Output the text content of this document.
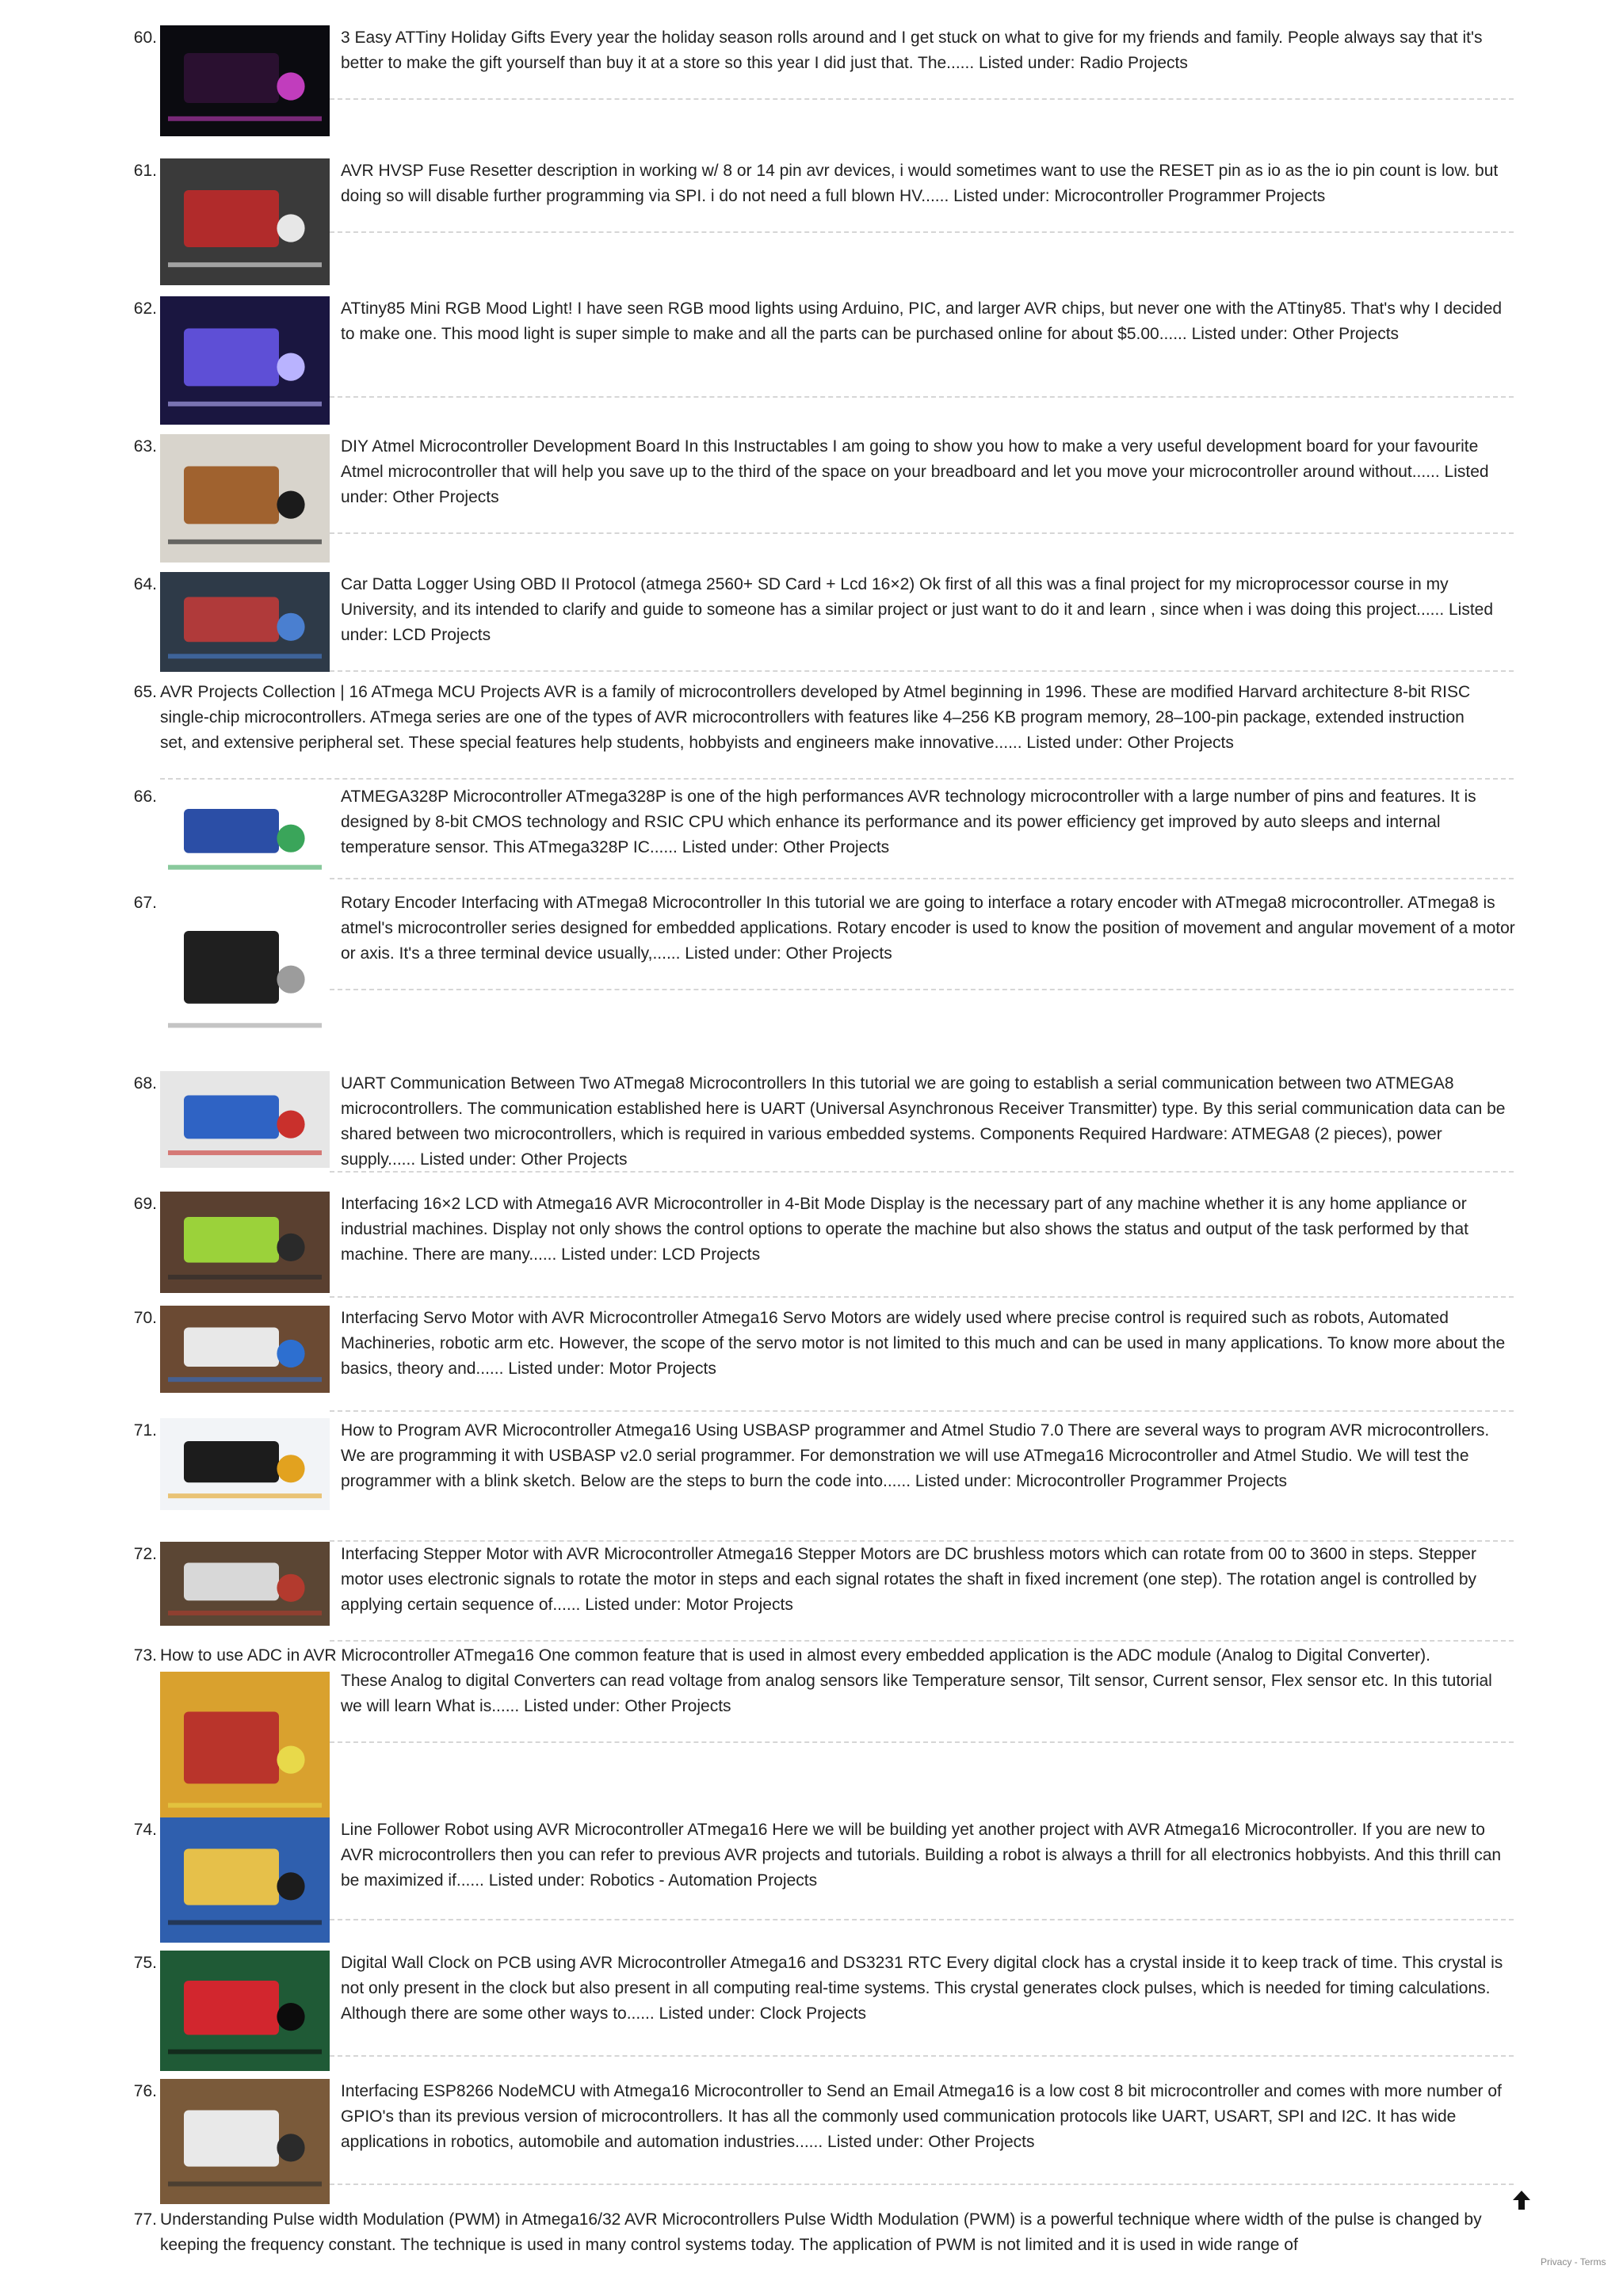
60.	3 Easy ATTiny Holiday Gifts Every year the holiday season rolls around and I get stuck on what to give for my friends and family. People always say that it's better to make the gift yourself than buy it at a store so this year I did just that. The...... Listed under: Radio Projects

61.	AVR HVSP Fuse Resetter description in working w/ 8 or 14 pin avr devices, i would sometimes want to use the RESET pin as io as the io pin count is low. but doing so will disable further programming via SPI. i do not need a full blown HV...... Listed under: Microcontroller Programmer Projects

62.	ATtiny85 Mini RGB Mood Light! I have seen RGB mood lights using Arduino, PIC, and larger AVR chips, but never one with the ATtiny85. That's why I decided to make one. This mood light is super simple to make and all the parts can be purchased online for about $5.00...... Listed under: Other Projects

63.	DIY Atmel Microcontroller Development Board In this Instructables I am going to show you how to make a very useful development board for your favourite Atmel microcontroller that will help you save up to the third of the space on your breadboard and let you move your microcontroller around without...... Listed under: Other Projects

64.	Car Datta Logger Using OBD II Protocol (atmega 2560+ SD Card + Lcd 16×2) Ok first of all this was a final project for my microprocessor course in my University, and its intended to clarify and guide to someone has a similar project or just want to do it and learn , since when i was doing this project...... Listed under: LCD Projects

65. AVR Projects Collection | 16 ATmega MCU Projects AVR is a family of microcontrollers developed by Atmel beginning in 1996. These are modified Harvard architecture 8-bit RISC single-chip microcontrollers. ATmega series are one of the types of AVR microcontrollers with features like 4–256 KB program memory, 28–100-pin package, extended instruction set, and extensive peripheral set. These special features help students, hobbyists and engineers make innovative...... Listed under: Other Projects

66.	ATMEGA328P Microcontroller ATmega328P is one of the high performances AVR technology microcontroller with a large number of pins and features. It is designed by 8-bit CMOS technology and RSIC CPU which enhance its performance and its power efficiency get improved by auto sleeps and internal temperature sensor. This ATmega328P IC...... Listed under: Other Projects

67.	Rotary Encoder Interfacing with ATmega8 Microcontroller In this tutorial we are going to interface a rotary encoder with ATmega8 microcontroller. ATmega8 is atmel's microcontroller series designed for embedded applications. Rotary encoder is used to know the position of movement and angular movement of a motor or axis. It's a three terminal device usually,...... Listed under: Other Projects

68.	UART Communication Between Two ATmega8 Microcontrollers In this tutorial we are going to establish a serial communication between two ATMEGA8 microcontrollers. The communication established here is UART (Universal Asynchronous Receiver Transmitter) type. By this serial communication data can be shared between two microcontrollers, which is required in various embedded systems. Components Required Hardware: ATMEGA8 (2 pieces), power supply...... Listed under: Other Projects

69.	Interfacing 16×2 LCD with Atmega16 AVR Microcontroller in 4-Bit Mode Display is the necessary part of any machine whether it is any home appliance or industrial machines. Display not only shows the control options to operate the machine but also shows the status and output of the task performed by that machine. There are many...... Listed under: LCD Projects

70.	Interfacing Servo Motor with AVR Microcontroller Atmega16 Servo Motors are widely used where precise control is required such as robots, Automated Machineries, robotic arm etc. However, the scope of the servo motor is not limited to this much and can be used in many applications. To know more about the basics, theory and...... Listed under: Motor Projects

71.	How to Program AVR Microcontroller Atmega16 Using USBASP programmer and Atmel Studio 7.0 There are several ways to program AVR microcontrollers. We are programming it with USBASP v2.0 serial programmer. For demonstration we will use ATmega16 Microcontroller and Atmel Studio. We will test the programmer with a blink sketch. Below are the steps to burn the code into...... Listed under: Microcontroller Programmer Projects

72.	Interfacing Stepper Motor with AVR Microcontroller Atmega16 Stepper Motors are DC brushless motors which can rotate from 00 to 3600 in steps. Stepper motor uses electronic signals to rotate the motor in steps and each signal rotates the shaft in fixed increment (one step). The rotation angel is controlled by applying certain sequence of...... Listed under: Motor Projects

73. How to use ADC in AVR Microcontroller ATmega16 One common feature that is used in almost every embedded application is the ADC module (Analog to Digital Converter).

These Analog to digital Converters can read voltage from analog sensors like Temperature sensor, Tilt sensor, Current sensor, Flex sensor etc. In this tutorial we will learn What is...... Listed under: Other Projects

74.	Line Follower Robot using AVR Microcontroller ATmega16 Here we will be building yet another project with AVR Atmega16 Microcontroller. If you are new to AVR microcontrollers then you can refer to previous AVR projects and tutorials. Building a robot is always a thrill for all electronics hobbyists. And this thrill can be maximized if...... Listed under: Robotics - Automation Projects

75.	Digital Wall Clock on PCB using AVR Microcontroller Atmega16 and DS3231 RTC Every digital clock has a crystal inside it to keep track of time. This crystal is not only present in the clock but also present in all computing real-time systems. This crystal generates clock pulses, which is needed for timing calculations. Although there are some other ways to...... Listed under: Clock Projects

76.	Interfacing ESP8266 NodeMCU with Atmega16 Microcontroller to Send an Email Atmega16 is a low cost 8 bit microcontroller and comes with more number of GPIO's than its previous version of microcontrollers. It has all the commonly used communication protocols like UART, USART, SPI and I2C. It has wide applications in robotics, automobile and automation industries...... Listed under: Other Projects

77. Understanding Pulse width Modulation (PWM) in Atmega16/32 AVR Microcontrollers Pulse Width Modulation (PWM) is a powerful technique where width of the pulse is changed by keeping the frequency constant. The technique is used in many control systems today. The application of PWM is not limited and it is used in wide range of

Privacy - Terms
